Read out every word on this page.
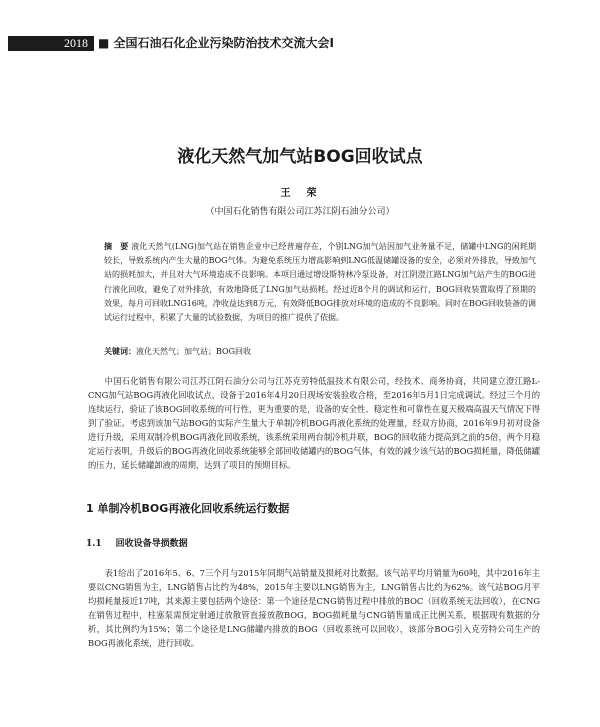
2018 ■ 全国石油石化企业污染防治技术交流大会Ⅰ
液化天然气加气站BOG回收试点
王　荣
（中国石化销售有限公司江苏江阴石油分公司）
摘　要 液化天然气(LNG)加气站在销售企业中已经普遍存在，个别LNG加气站因加气业务量不足，储罐中LNG的闲耗期较长，导致系统内产生大量的BOG气体。为避免系统压力增高影响到LNG低温储罐设备的安全，必须对外排放，导致加气站的损耗加大，并且对大气环境造成不良影响。本项目通过增设斯特林冷泵设备，对江阴澄江路LNG加气站产生的BOG进行液化回收，避免了对外排放，有效地降低了LNG加气站损耗。经过近8个月的调试和运行，BOG回收装置取得了预期的效果，每月可回收LNG16吨，净收益达到8万元，有效降低BOG排放对环境的造成的不良影响。同时在BOG回收装备的调试运行过程中，积累了大量的试验数据，为项目的推广提供了依据。
关键词：液化天然气；加气站；BOG回收
中国石化销售有限公司江苏江阴石油分公司与江苏克劳特低温技术有限公司，经技术、商务协商，共同建立澄江路L-CNG加气站BOG再液化回收试点，设备于2016年4月20日现场安装验收合格，至2016年5月1日完成调试。经过三个月的连续运行，验证了该BOG回收系统的可行性，更为重要的是，设备的安全性、稳定性和可靠性在夏天极端高温天气情况下得到了验证。考虑到该加气站BOG的实际产生量大于单制冷机BOG再液化系统的处理量，经双方协商，2016年9月初对设备进行升级，采用双制冷机BOG再液化回收系统，该系统采用两台制冷机并联，BOG的回收能力提高到之前的5倍，两个月稳定运行表明，升级后的BOG再液化回收系统能够全部回收储罐内的BOG气体，有效的减少该气站的BOG损耗量，降低储罐的压力，延长储罐卸液的周期，达到了项目的预期目标。
1 单制冷机BOG再液化回收系统运行数据
1.1 回收设备导损数据
表1给出了2016年5、6、7三个月与2015年同期气站销量及损耗对比数据。该气站平均月销量为60吨，其中2016年主要以CNG销售为主，LNG销售占比约为48%，2015年主要以LNG销售为主，LNG销售占比约为62%。该气站BOG月平均损耗量接近17吨，其来源主要包括两个途径：第一个途径是CNG销售过程中排放的BOC（回收系统无法回收），在CNG在销售过程中，柱塞泵需预定射通过放散管直接放散BOG，BOG损耗量与CNG销售量成正比例关系，根据现有数据的分析，其比例约为15%；第二个途径是LNG储罐内排放的BOG（回收系统可以回收），该部分BOG引入克劳特公司生产的BOG再液化系统，进行回收。
